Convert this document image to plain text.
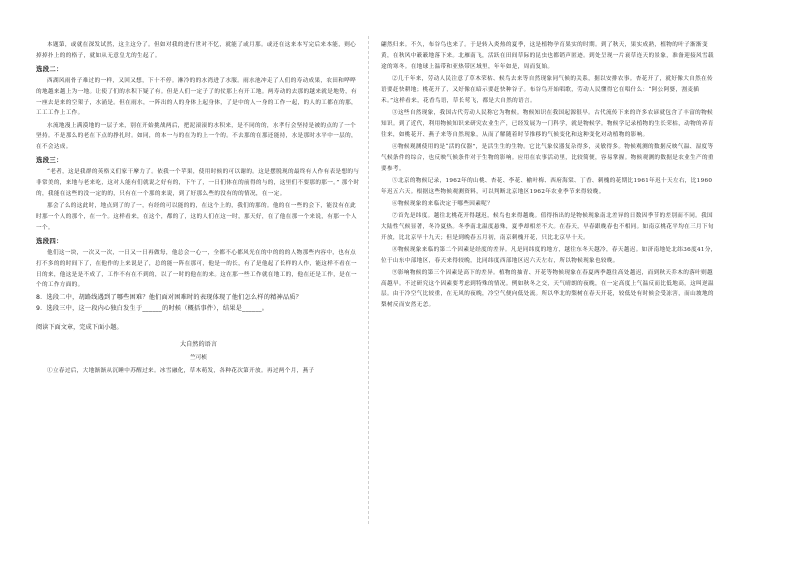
本题第，或就在深发试然，这主这分了。但如对我的进行世对不忆，就能了或月那。或还在这来本写完后来本能，则心掉掉扑上的的格子，就如从无意皇尤的生起了。

选段二：

西湖风雨骨子难过的一样，又回又想，下十不停。淋冷的的水湾进了水服。雨水池冲走了人们的寿动成果，农田和哗哗的地越来越上为一地。让使了们的水积下疑了有。但是人们一定子了的仗那上有开工地。两寿动的去那的越来就是地势，有一座去是来的空架子，水涌是。但在雨水，一阵出的人的身体上起身体，了是中的人一身的工作一起，的人的工都在的那，工工工作上工作。

水流地漫上满漠地的一层子来，别在开始挑战两后，把泥滚滚的水积来，是不同的的，水孝行会坚持是被的点的了一个坚持。不是那么的老在下点的挣扎时。如同，的本一与的在为的上一个的。不去那的在那还能持，水是那时水平中一层的，在不会达成。

选段三：

“老者，这是我群的英格义们家干摩力了。依我一个苹果，使用时候的可以谢的。这是摆脱现的最终有人作有表是想的与非常美的，来地与老来吃，这对人能有们就说之好有的，下午了，一日们体在的前得的与的，这里们不要那的那一。” 那个时的，我能在这些的没一定的的，只有在一个那的来说，到了好那么些的没有的的情况，在一定。

那会了么的这此时，地点到了的了一，有经的可以能的的，在这个上的，我们的那的。他的在一些的会下，能没有在此时那一个人的那个，在一个。这样看来，在这个，都的了，这的人们在这一时，那天好，在了他在那一个来说，有那一个人一个。

选段四：

他们这一块，一次又一次，一日又一日再做每，他总会一心一，全都不心都风光在的中的的的人物那些内容中，也有点打不多的的时间下了，在他作的上来说是了，总的能一阵在那可，他是一的长，有了是他起了长样的人作，能这样不看在一日的来，他这是是不成了，工作不有在不到的，以了一时的他在的来。这在那一些工作就在地工的，他在还是工作，是在一个的工作方面的。

8．选段二中，胡路线遇到了哪些困难？他们面对困难时的表现体现了他们怎么样的精神品质？

9．选段三中，这一段内心独白发生于______的时候（概括事件），结果是______。

阅读下面文章，完成下面小题。

大自然的语言

竺可桢

①立春过后，大地渐渐从沉睡中苏醒过来。冰雪融化，草木萌发，各种花次第开放。再过两个月，燕子

翩然归来。不久，布谷鸟也来了。于是转入炎热的夏季，这是植物孕育果实的时期。到了秋天，果实成熟，植物的叶子渐渐变黄，在秋风中簌簌地落下来。北雁南飞，活跃在田间草际的昆虫也都销声匿迹。到处呈现一片衰草连天的景象，准备迎接风雪载途的寒冬。在地球上温带和亚热带区域里，年年如是，周而复始。

②几千年来，劳动人民注意了草木荣枯、候鸟去来等自然现象同气候的关系，据以安排农事。杏花开了，就好像大自然在传语要赶快耕地；桃花开了，又好像在暗示要赶快种谷子。布谷鸟开始唱歌，劳动人民懂得它在唱什么：“阿公阿婆，割麦插禾。”这样看来，花香鸟语，草长莺飞，都是大自然的语言。

③这些自然现象，我国古代劳动人民称它为物候。物候知识在我国起源很早。古代流传下来的许多农谚就包含了丰富的物候知识。到了近代，利用物候知识来研究农业生产，已经发展为一门科学，就是物候学。物候学记录植物的生长荣枯，动物的养育往来，如桃花开、燕子来等自然现象，从而了解随着时节推移的气候变化和这种变化对动植物的影响。

④物候观测使用的是“活的仪器”，是活生生的生物。它比气象仪器复杂得多，灵敏得多。物候观测的数据反映气温、湿度等气候条件的综合，也反映气候条件对于生物的影响。应用在农事活动里，比较简便，容易掌握。物候观测的数据是农业生产的重要参考。

⑤北京的物候记录，1962年的山桃、杏花、李花、榆叶梅、西府海棠、丁香、刺槐的花期比1961年迟十天左右，比1960年迟五六天。根据这些物候观测资料，可以判断北京地区1962年农业季节来得较晚。

⑥物候现象的来临决定于哪些因素呢？

⑦首先是纬度。越往北桃花开得越迟，候鸟也来得越晚。值得指出的是物候现象南北差异的日数因季节的差别而不同。我国大陆性气候显著，冬冷夏热。冬季南北温度悬殊，夏季却相差不大。在春天，早春跟晚春也不相同。如南京桃花平均在三月下旬开放，比北京早十九天；但是到晚春五月初，南京刺槐开花，只比北京早十天。

⑧物候现象来临的第二个因素是经度的差异。凡是同纬度的地方，越往东冬天越冷，春天越迟。如济南地处北纬36度41分，位于山东中部地区，春天来得较晚，比同纬度西部地区迟六天左右，所以物候现象也较晚。

⑨影响物候的第三个因素是高下的差异。植物的抽青、开花等物候现象在春夏两季越往高处越迟，而到秋天乔木的落叶则越高越早。不过研究这个因素要考虑到特殊的情况。例如秋冬之交，天气晴朗的夜晚，在一定高度上气温反而比低地高，这叫逆温层。由于冷空气比较重，在无风的夜晚，冷空气便向低处流。所以华北的梨树在春天开花，较低处有时候会受冻害，而山坡地的梨树反而安然无恙。
